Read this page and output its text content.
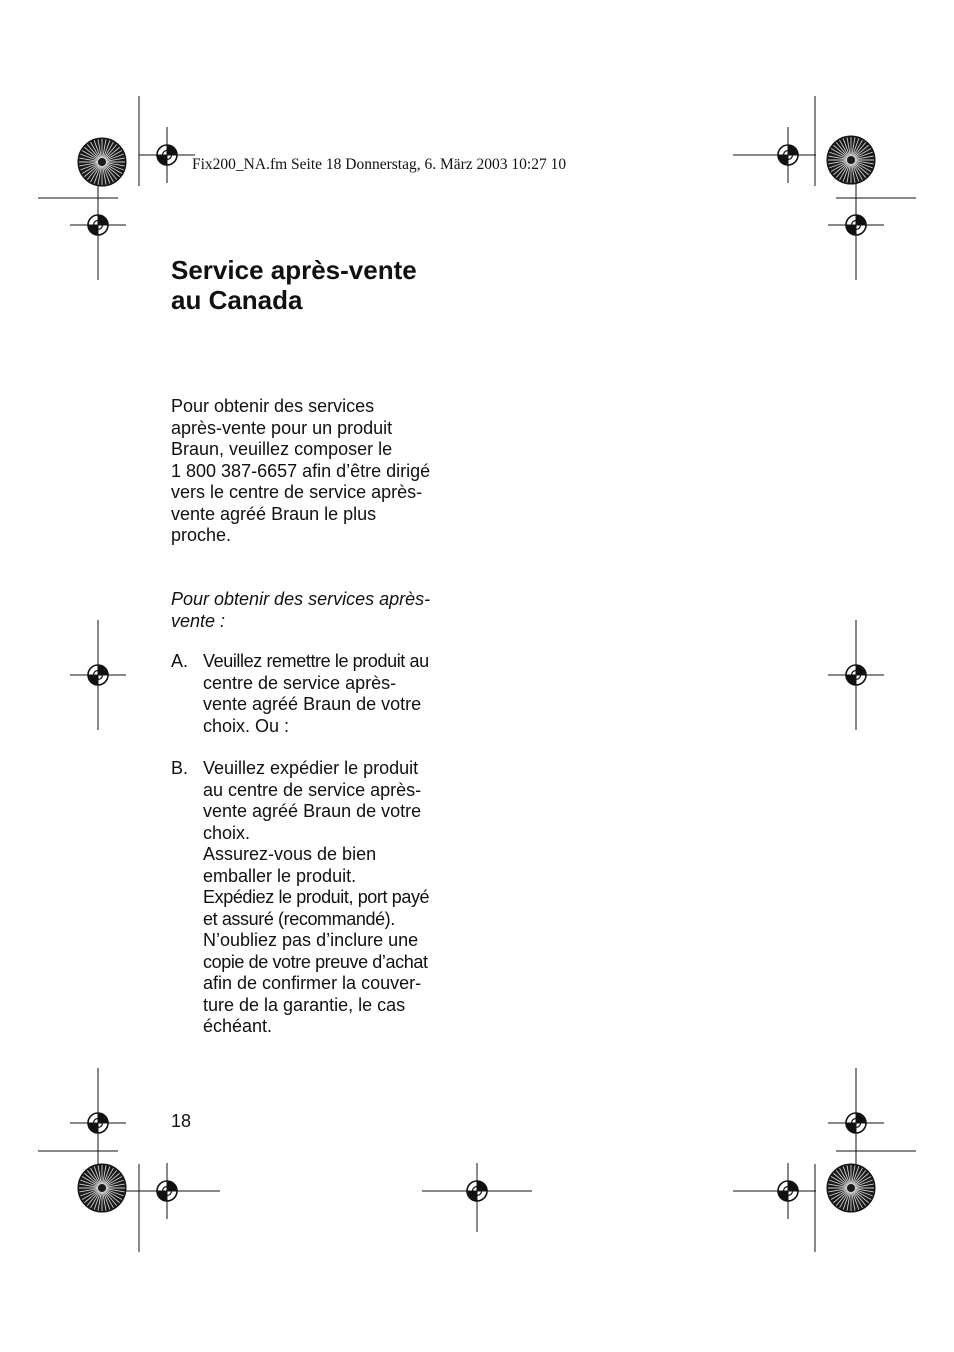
Fix200_NA.fm Seite 18 Donnerstag, 6. März 2003 10:27 10
Service après-vente
au Canada
Pour obtenir des services
après-vente pour un produit
Braun, veuillez composer le
1 800 387-6657 afin d’être dirigé
vers le centre de service après-
vente agréé Braun le plus
proche.
Pour obtenir des services après-
vente :
A. Veuillez remettre le produit au
centre de service après-
vente agréé Braun de votre
choix. Ou :
B. Veuillez expédier le produit
au centre de service après-
vente agréé Braun de votre
choix.
Assurez-vous de bien
emballer le produit.
Expédiez le produit, port payé
et assuré (recommandé).
N’oubliez pas d’inclure une
copie de votre preuve d’achat
afin de confirmer la couver-
ture de la garantie, le cas
échéant.
18
